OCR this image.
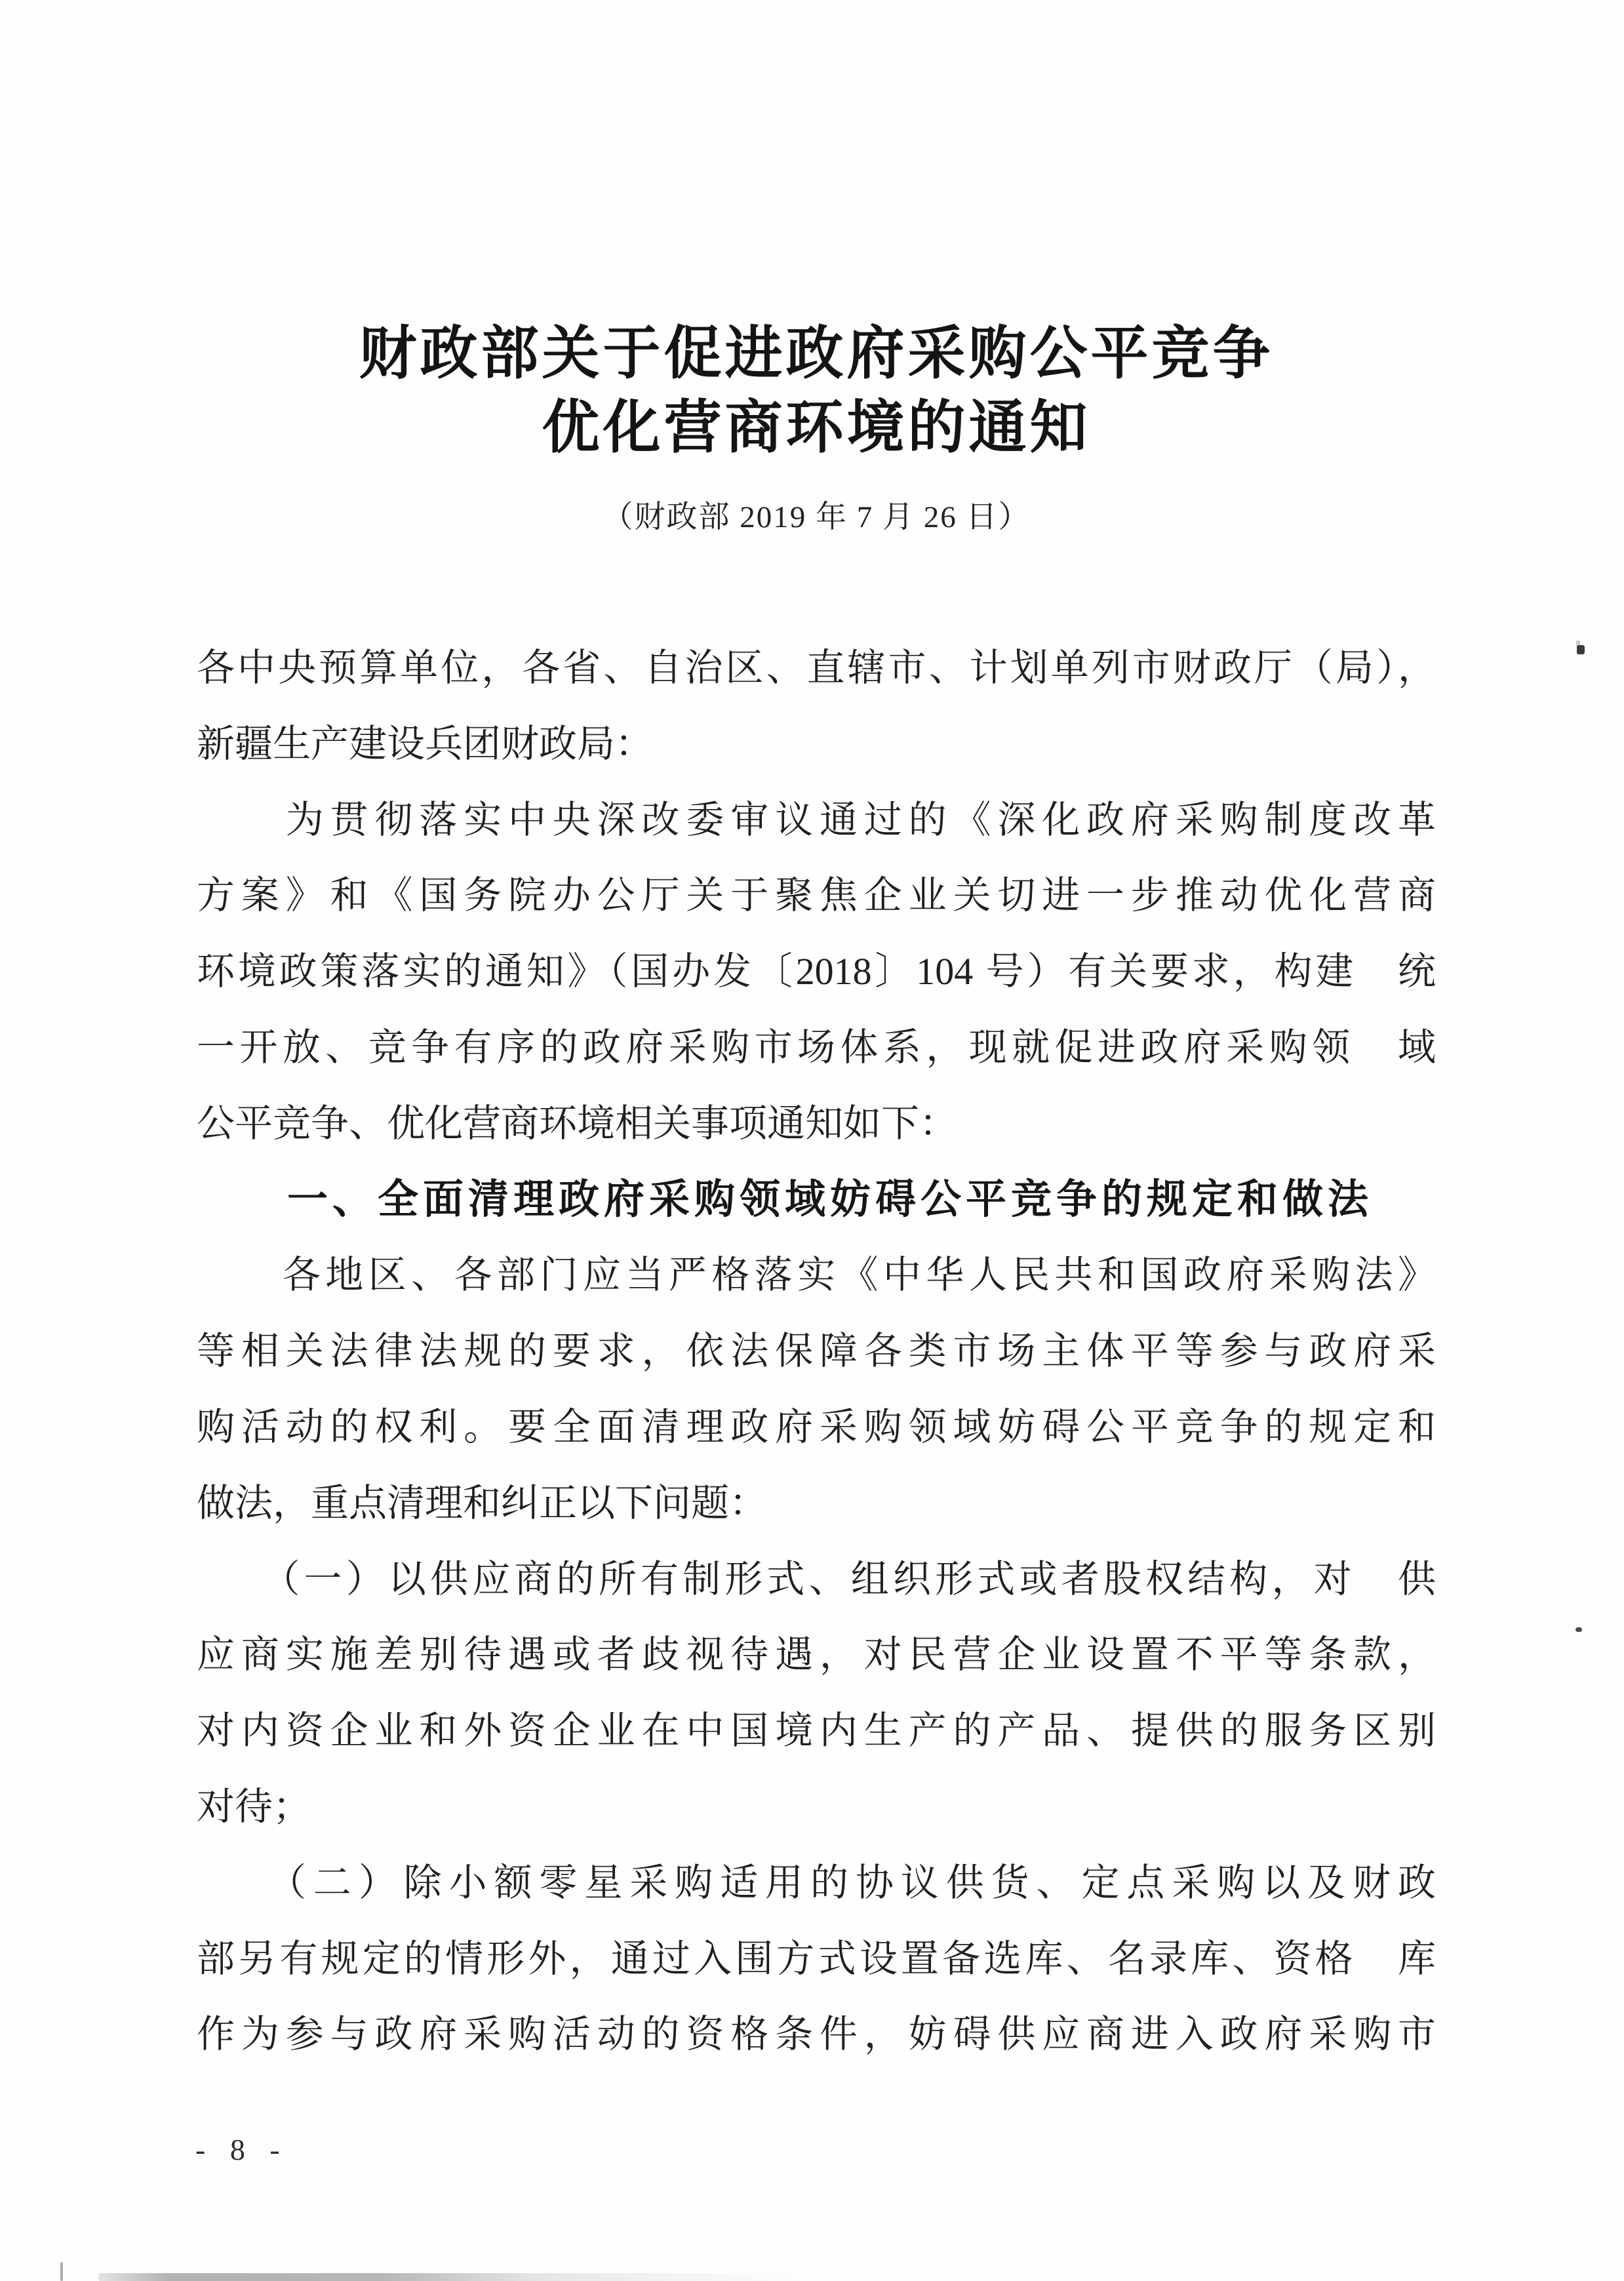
财政部关于促进政府采购公平竞争
优化营商环境的通知
（财政部 2019 年 7 月 26 日）
各中央预算单位，各省、自治区、直辖市、计划单列市财政厅（局），
新疆生产建设兵团财政局：
　　为贯彻落实中央深改委审议通过的《深化政府采购制度改革
方案》和《国务院办公厅关于聚焦企业关切进一步推动优化营商
环境政策落实的通知》（国办发〔2018〕104 号）有关要求，构建　统
一开放、竞争有序的政府采购市场体系，现就促进政府采购领　域
公平竞争、优化营商环境相关事项通知如下：
　　一、全面清理政府采购领域妨碍公平竞争的规定和做法
　　各地区、各部门应当严格落实《中华人民共和国政府采购法》
等相关法律法规的要求，依法保障各类市场主体平等参与政府采
购活动的权利。要全面清理政府采购领域妨碍公平竞争的规定和
做法，重点清理和纠正以下问题：
　　（一）以供应商的所有制形式、组织形式或者股权结构，对　供
应商实施差别待遇或者歧视待遇，对民营企业设置不平等条款，
对内资企业和外资企业在中国境内生产的产品、提供的服务区别
对待；
　　（二）除小额零星采购适用的协议供货、定点采购以及财政
部另有规定的情形外，通过入围方式设置备选库、名录库、资格　库
作为参与政府采购活动的资格条件，妨碍供应商进入政府采购市
- 8 -
